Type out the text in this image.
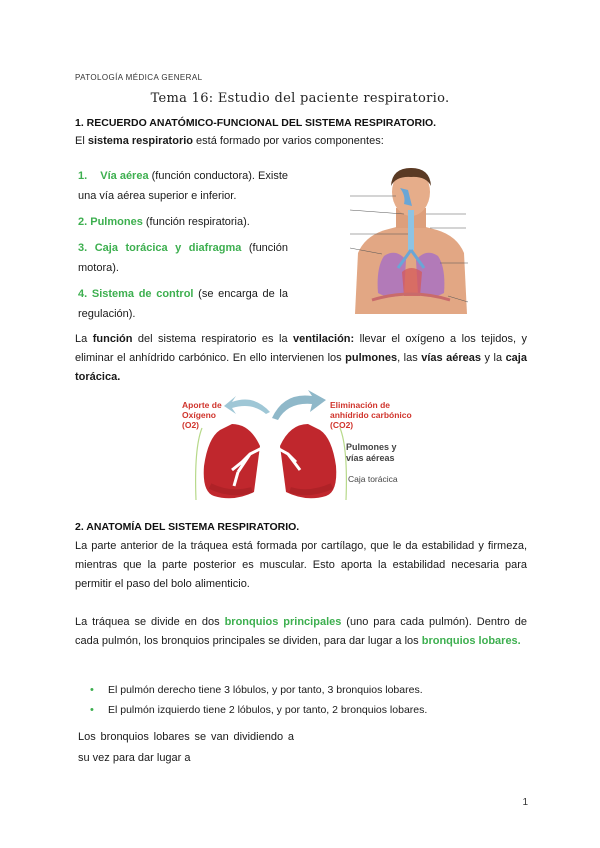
PATOLOGÍA MÉDICA GENERAL
Tema 16: Estudio del paciente respiratorio.
1. RECUERDO ANATÓMICO-FUNCIONAL DEL SISTEMA RESPIRATORIO.
El sistema respiratorio está formado por varios componentes:
1. Vía aérea (función conductora). Existe una vía aérea superior e inferior.
2. Pulmones (función respiratoria).
3. Caja torácica y diafragma (función motora).
4. Sistema de control (se encarga de la regulación).
La función del sistema respiratorio es la ventilación: llevar el oxígeno a los tejidos, y eliminar el anhídrido carbónico. En ello intervienen los pulmones, las vías aéreas y la caja torácica.
Aporte de Oxígeno (O2)
Eliminación de anhídrido carbónico (CO2)
Pulmones y vías aéreas
Caja torácica
2. ANATOMÍA DEL SISTEMA RESPIRATORIO.
La parte anterior de la tráquea está formada por cartílago, que le da estabilidad y firmeza, mientras que la parte posterior es muscular. Esto aporta la estabilidad necesaria para permitir el paso del bolo alimenticio.
La tráquea se divide en dos bronquios principales (uno para cada pulmón). Dentro de cada pulmón, los bronquios principales se dividen, para dar lugar a los bronquios lobares.
• El pulmón derecho tiene 3 lóbulos, y por tanto, 3 bronquios lobares.
• El pulmón izquierdo tiene 2 lóbulos, y por tanto, 2 bronquios lobares.
Los bronquios lobares se van dividiendo a su vez para dar lugar a
1
